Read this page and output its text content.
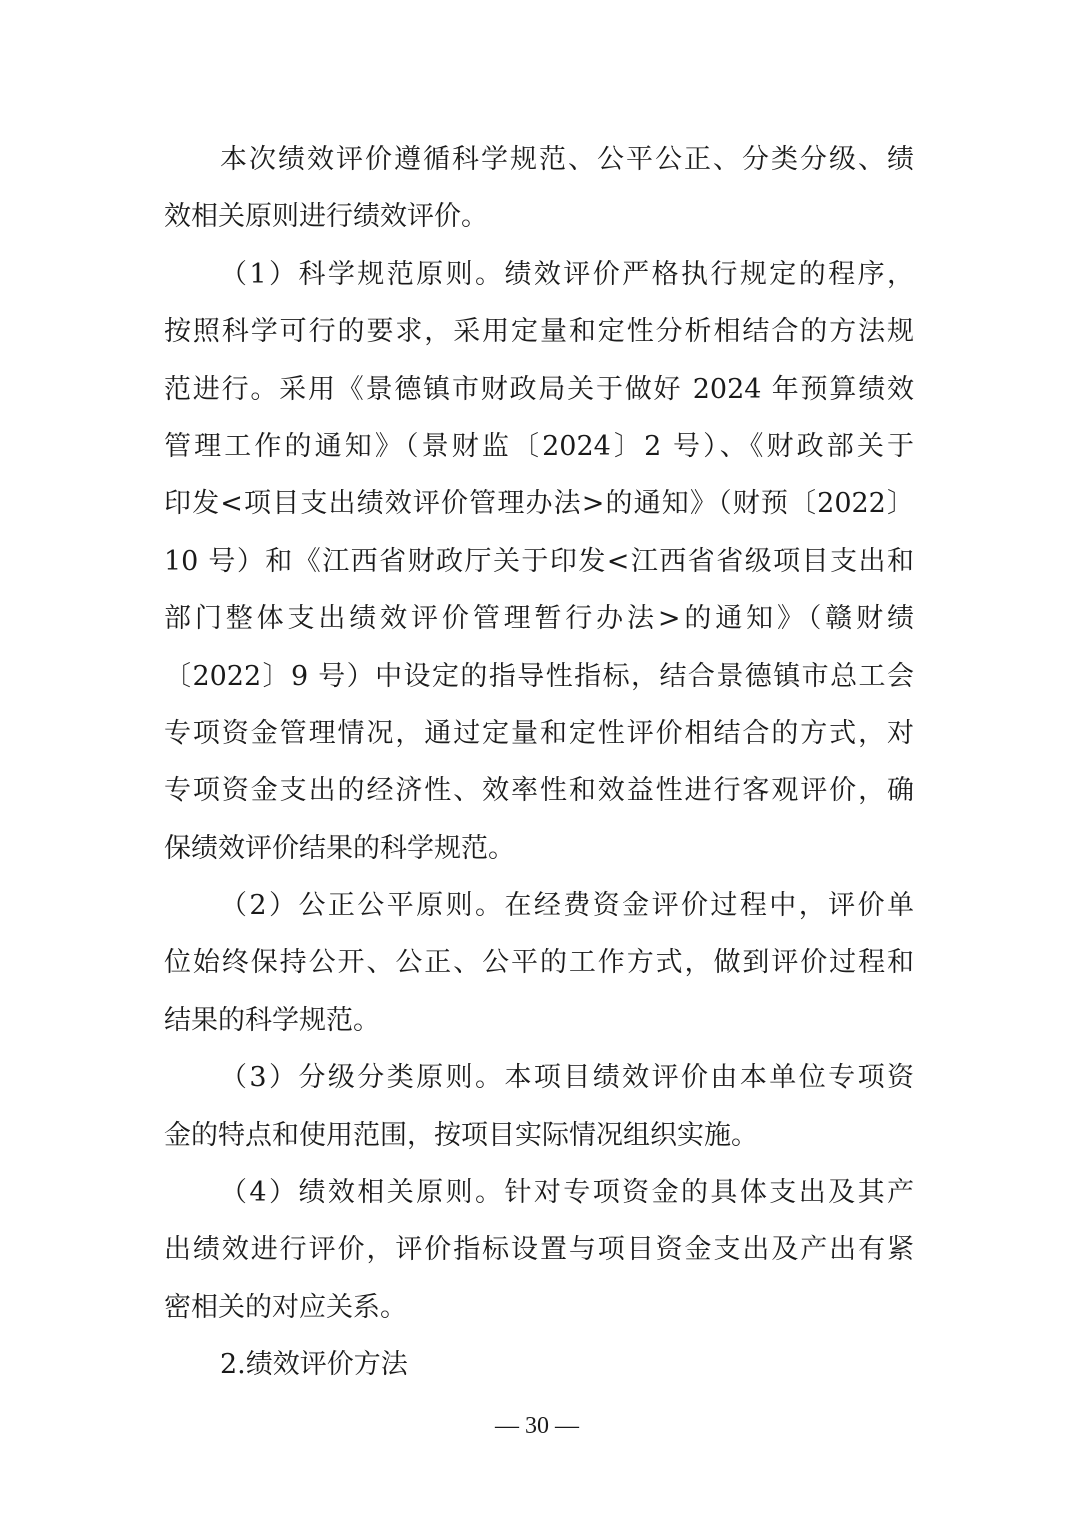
本次绩效评价遵循科学规范、公平公正、分类分级、绩
效相关原则进行绩效评价。
（1）科学规范原则。绩效评价严格执行规定的程序，
按照科学可行的要求，采用定量和定性分析相结合的方法规
范进行。采用《景德镇市财政局关于做好 2024 年预算绩效
管理工作的通知》（景财监〔2024〕2 号）、《财政部关于
印发<项目支出绩效评价管理办法>的通知》（财预〔2022〕
10 号）和《江西省财政厅关于印发<江西省省级项目支出和
部门整体支出绩效评价管理暂行办法>的通知》（赣财绩
〔2022〕9 号）中设定的指导性指标，结合景德镇市总工会
专项资金管理情况，通过定量和定性评价相结合的方式，对
专项资金支出的经济性、效率性和效益性进行客观评价，确
保绩效评价结果的科学规范。
（2）公正公平原则。在经费资金评价过程中，评价单
位始终保持公开、公正、公平的工作方式，做到评价过程和
结果的科学规范。
（3）分级分类原则。本项目绩效评价由本单位专项资
金的特点和使用范围，按项目实际情况组织实施。
（4）绩效相关原则。针对专项资金的具体支出及其产
出绩效进行评价，评价指标设置与项目资金支出及产出有紧
密相关的对应关系。
2.绩效评价方法
— 30 —
